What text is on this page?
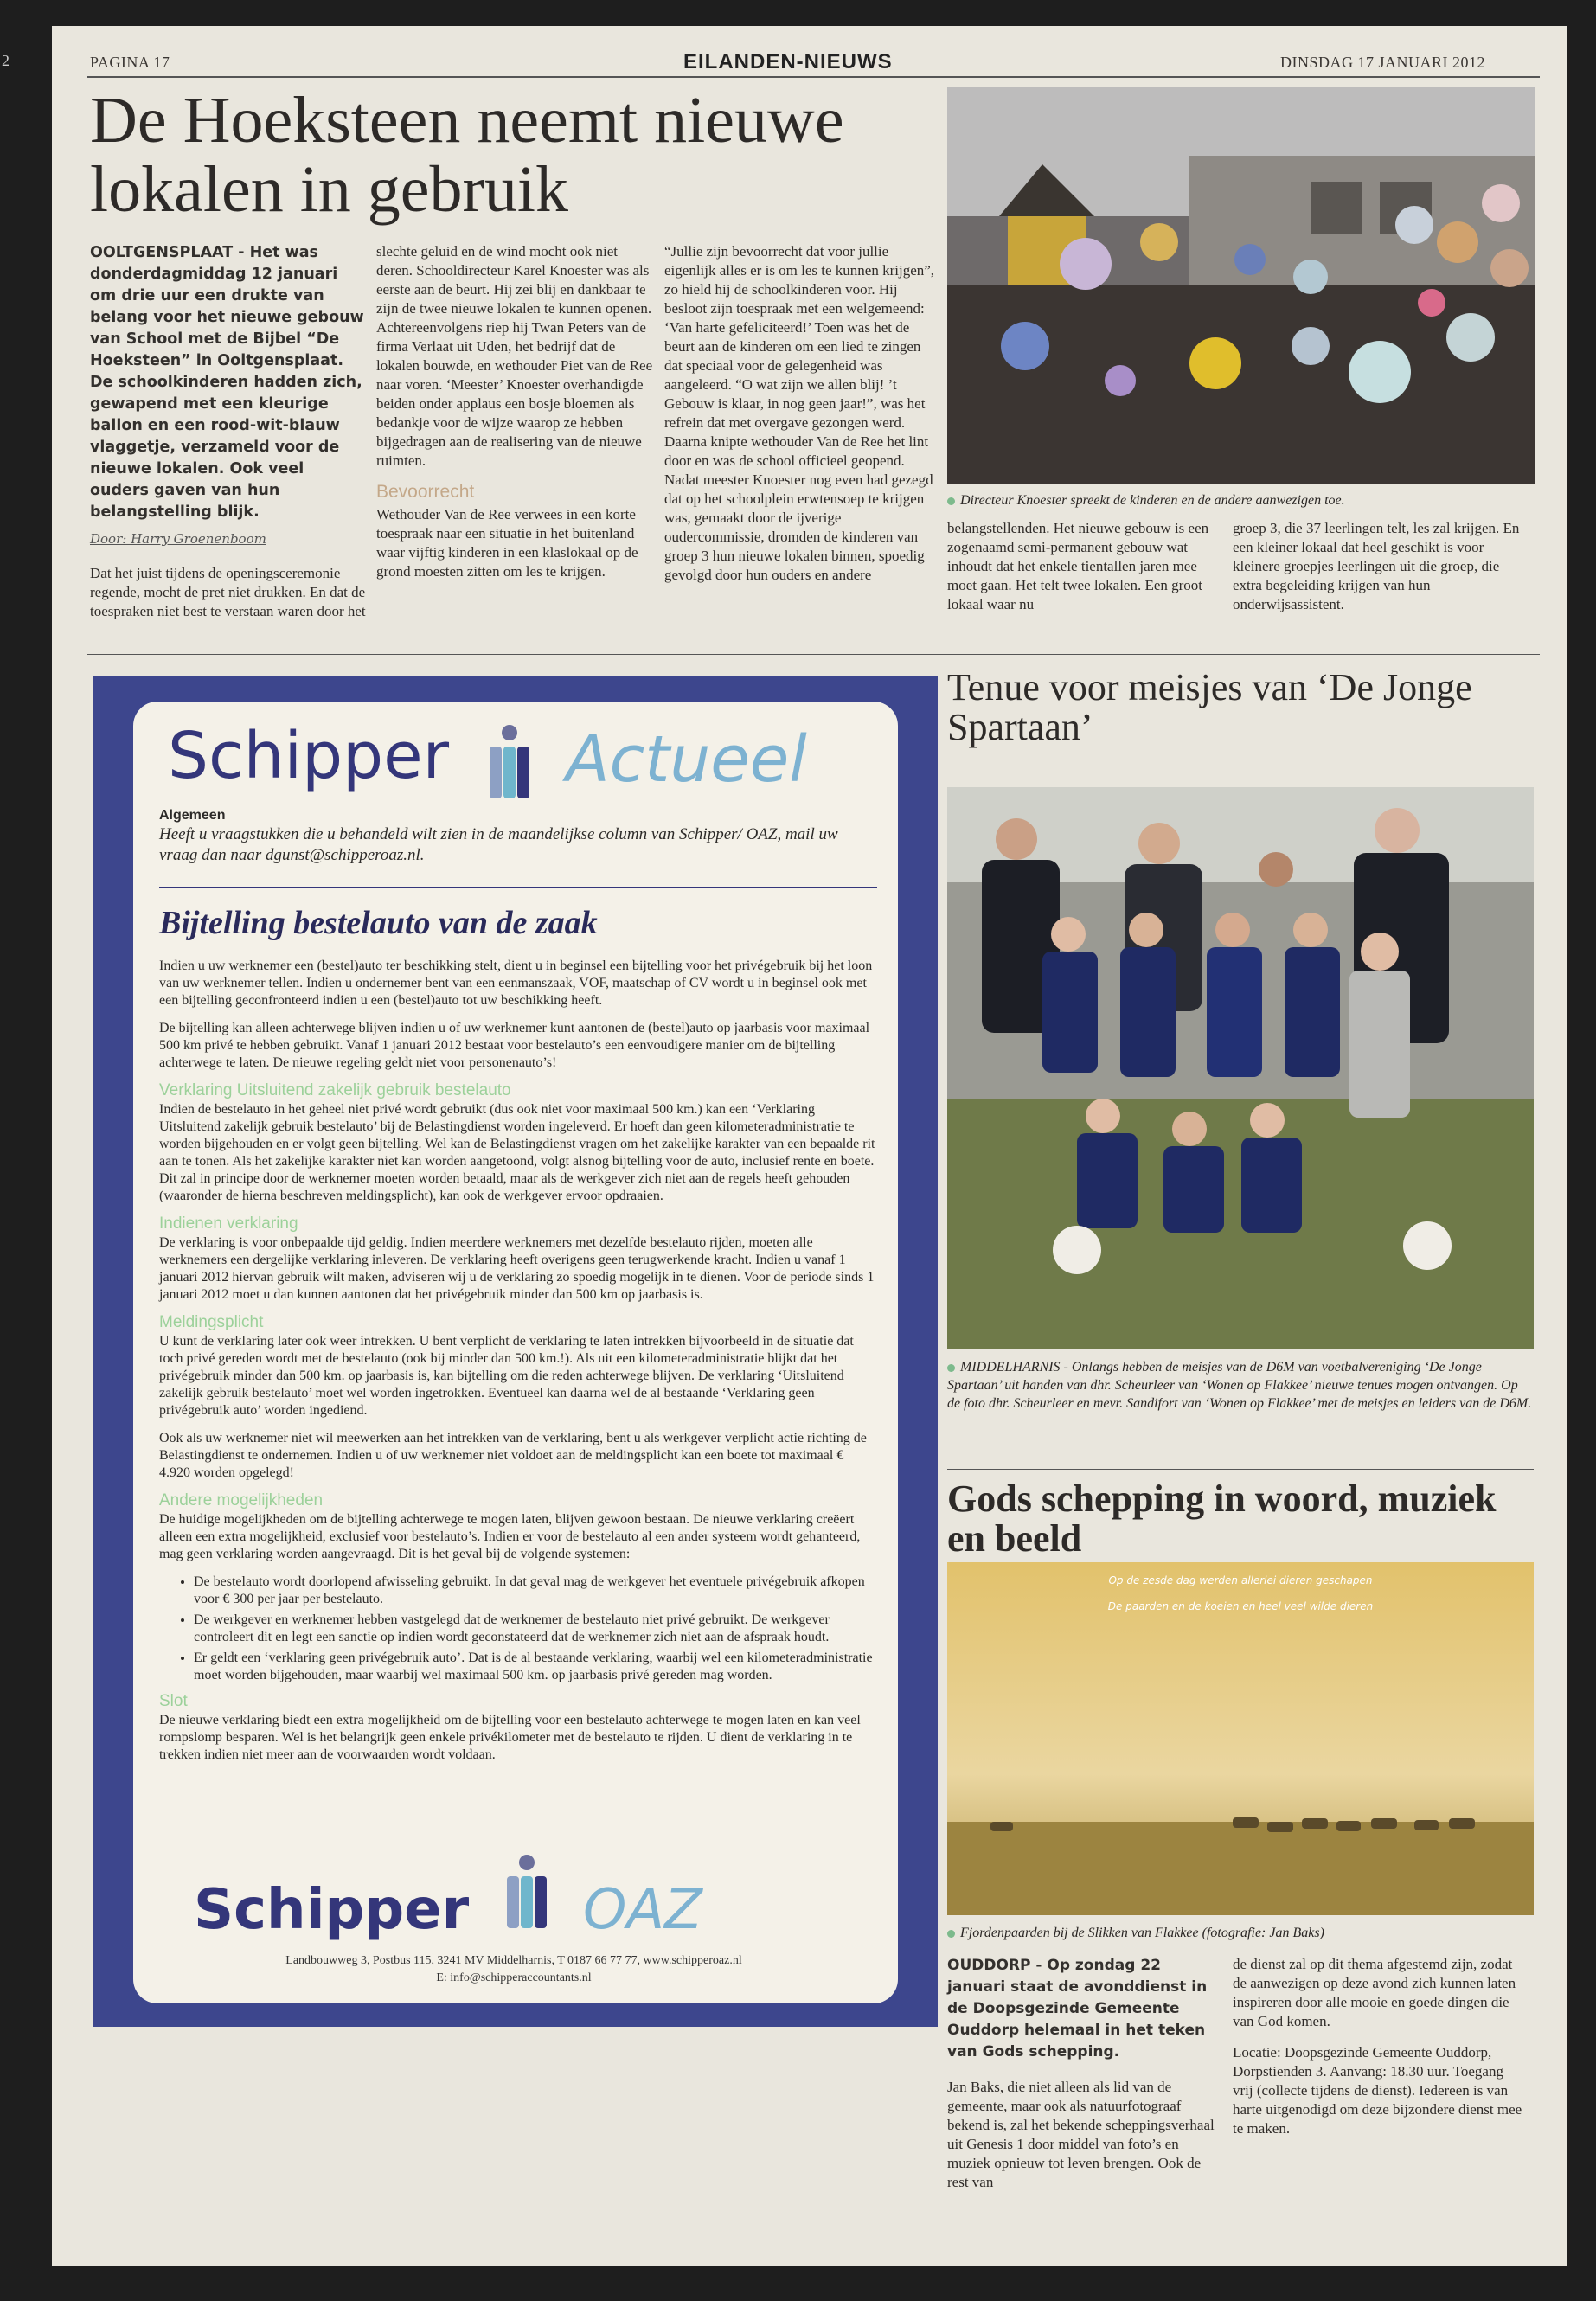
PAGINA 17	EILANDEN-NIEUWS	DINSDAG 17 JANUARI 2012
De Hoeksteen neemt nieuwe lokalen in gebruik
OOLTGENSPLAAT - Het was donderdagmiddag 12 januari om drie uur een drukte van belang voor het nieuwe gebouw van School met de Bijbel “De Hoeksteen” in Ooltgensplaat. De schoolkinderen hadden zich, gewapend met een kleurige ballon en een rood-wit-blauw vlaggetje, verzameld voor de nieuwe lokalen. Ook veel ouders gaven van hun belangstelling blijk.
Door: Harry Groenenboom
Dat het juist tijdens de openingsceremonie regende, mocht de pret niet drukken. En dat de toespraken niet best te verstaan waren door het

slechte geluid en de wind mocht ook niet deren. Schooldirecteur Karel Knoester was als eerste aan de beurt. Hij zei blij en dankbaar te zijn de twee nieuwe lokalen te kunnen openen. Achtereenvolgens riep hij Twan Peters van de firma Verlaat uit Uden, het bedrijf dat de lokalen bouwde, en wethouder Piet van de Ree naar voren. ‘Meester’ Knoester overhandigde beiden onder applaus een bosje bloemen als bedankje voor de wijze waarop ze hebben bijgedragen aan de realisering van de nieuwe ruimten.

Bevoorrecht

Wethouder Van de Ree verwees in een korte toespraak naar een situatie in het buitenland waar vijftig kinderen in een klaslokaal op de grond moesten zitten om les te krijgen.

“Jullie zijn bevoorrecht dat voor jullie eigenlijk alles er is om les te kunnen krijgen”, zo hield hij de schoolkinderen voor. Hij besloot zijn toespraak met een welgemeend: ‘Van harte gefeliciteerd!’ Toen was het de beurt aan de kinderen om een lied te zingen dat speciaal voor de gelegenheid was aangeleerd. “O wat zijn we allen blij! ’t Gebouw is klaar, in nog geen jaar!”, was het refrein dat met overgave gezongen werd. Daarna knipte wethouder Van de Ree het lint door en was de school officieel geopend. Nadat meester Knoester nog even had gezegd dat op het schoolplein erwtensoep te krijgen was, gemaakt door de ijverige oudercommissie, dromden de kinderen van groep 3 hun nieuwe lokalen binnen, spoedig gevolgd door hun ouders en andere
Directeur Knoester spreekt de kinderen en de andere aanwezigen toe.
belangstellenden. Het nieuwe gebouw is een zogenaamd semi-permanent gebouw wat inhoudt dat het enkele tientallen jaren mee moet gaan. Het telt twee lokalen. Een groot lokaal waar nu
groep 3, die 37 leerlingen telt, les zal krijgen. En een kleiner lokaal dat heel geschikt is voor kleinere groepjes leerlingen uit die groep, die extra begeleiding krijgen van hun onderwijsassistent.
Schipper Actueel
Algemeen
Heeft u vraagstukken die u behandeld wilt zien in de maandelijkse column van Schipper/ OAZ, mail uw vraag dan naar dgunst@schipperoaz.nl.
Bijtelling bestelauto van de zaak

Indien u uw werknemer een (bestel)auto ter beschikking stelt, dient u in beginsel een bijtelling voor het privégebruik bij het loon van uw werknemer tellen. Indien u ondernemer bent van een eenmanszaak, VOF, maatschap of CV wordt u in beginsel ook met een bijtelling geconfronteerd indien u een (bestel)auto tot uw beschikking heeft.

De bijtelling kan alleen achterwege blijven indien u of uw werknemer kunt aantonen de (bestel)auto op jaarbasis voor maximaal 500 km privé te hebben gebruikt. Vanaf 1 januari 2012 bestaat voor bestelauto’s een eenvoudigere manier om de bijtelling achterwege te laten. De nieuwe regeling geldt niet voor personenauto’s!

Verklaring Uitsluitend zakelijk gebruik bestelauto

Indien de bestelauto in het geheel niet privé wordt gebruikt (dus ook niet voor maximaal 500 km.) kan een ‘Verklaring Uitsluitend zakelijk gebruik bestelauto’ bij de Belastingdienst worden ingeleverd. Er hoeft dan geen kilometeradministratie te worden bijgehouden en er volgt geen bijtelling. Wel kan de Belastingdienst vragen om het zakelijke karakter van een bepaalde rit aan te tonen. Als het zakelijke karakter niet kan worden aangetoond, volgt alsnog bijtelling voor de auto, inclusief rente en boete. Dit zal in principe door de werknemer moeten worden betaald, maar als de werkgever zich niet aan de regels heeft gehouden (waaronder de hierna beschreven meldingsplicht), kan ook de werkgever ervoor opdraaien.

Indienen verklaring

De verklaring is voor onbepaalde tijd geldig. Indien meerdere werknemers met dezelfde bestelauto rijden, moeten alle werknemers een dergelijke verklaring inleveren. De verklaring heeft overigens geen terugwerkende kracht. Indien u vanaf 1 januari 2012 hiervan gebruik wilt maken, adviseren wij u de verklaring zo spoedig mogelijk in te dienen. Voor de periode sinds 1 januari 2012 moet u dan kunnen aantonen dat het privégebruik minder dan 500 km op jaarbasis is.

Meldingsplicht

U kunt de verklaring later ook weer intrekken. U bent verplicht de verklaring te laten intrekken bijvoorbeeld in de situatie dat toch privé gereden wordt met de bestelauto (ook bij minder dan 500 km.!). Als uit een kilometeradministratie blijkt dat het privégebruik minder dan 500 km. op jaarbasis is, kan bijtelling om die reden achterwege blijven. De verklaring ‘Uitsluitend zakelijk gebruik bestelauto’ moet wel worden ingetrokken. Eventueel kan daarna wel de al bestaande ‘Verklaring geen privégebruik auto’ worden ingediend.

Ook als uw werknemer niet wil meewerken aan het intrekken van de verklaring, bent u als werkgever verplicht actie richting de Belastingdienst te ondernemen. Indien u of uw werknemer niet voldoet aan de meldingsplicht kan een boete tot maximaal € 4.920 worden opgelegd!

Andere mogelijkheden

De huidige mogelijkheden om de bijtelling achterwege te mogen laten, blijven gewoon bestaan. De nieuwe verklaring creëert alleen een extra mogelijkheid, exclusief voor bestelauto’s. Indien er voor de bestelauto al een ander systeem wordt gehanteerd, mag geen verklaring worden aangevraagd. Dit is het geval bij de volgende systemen:

• De bestelauto wordt doorlopend afwisseling gebruikt. In dat geval mag de werkgever het eventuele privégebruik afkopen voor € 300 per jaar per bestelauto.
• De werkgever en werknemer hebben vastgelegd dat de werknemer de bestelauto niet privé gebruikt. De werkgever controleert dit en legt een sanctie op indien wordt geconstateerd dat de werknemer zich niet aan de afspraak houdt.
• Er geldt een ‘verklaring geen privégebruik auto’. Dat is de al bestaande verklaring, waarbij wel een kilometeradministratie moet worden bijgehouden, maar waarbij wel maximaal 500 km. op jaarbasis privé gereden mag worden.
Slot

De nieuwe verklaring biedt een extra mogelijkheid om de bijtelling voor een bestelauto achterwege te mogen laten en kan veel rompslomp besparen. Wel is het belangrijk geen enkele privékilometer met de bestelauto te rijden. U dient de verklaring in te trekken indien niet meer aan de voorwaarden wordt voldaan.

Schipper OAZ
Landbouwweg 3, Postbus 115, 3241 MV Middelharnis, T 0187 66 77 77, www.schipperoaz.nl
E: info@schipperaccountants.nl
Tenue voor meisjes van ‘De Jonge Spartaan’
MIDDELHARNIS - Onlangs hebben de meisjes van de D6M van voetbalvereniging ‘De Jonge Spartaan’ uit handen van dhr. Scheurleer van ‘Wonen op Flakkee’ nieuwe tenues mogen ontvangen. Op de foto dhr. Scheurleer en mevr. Sandifort van ‘Wonen op Flakkee’ met de meisjes en leiders van de D6M.
Gods schepping in woord, muziek en beeld
Op de zesde dag werden allerlei dieren geschapen
De paarden en de koeien en heel veel wilde dieren
Fjordenpaarden bij de Slikken van Flakkee (fotografie: Jan Baks)
OUDDORP - Op zondag 22 januari staat de avonddienst in de Doopsgezinde Gemeente Ouddorp helemaal in het teken van Gods schepping.
Jan Baks, die niet alleen als lid van de gemeente, maar ook als natuurfotograaf bekend is, zal het bekende scheppingsverhaal uit Genesis 1 door middel van foto’s en muziek opnieuw tot leven brengen. Ook de rest van

de dienst zal op dit thema afgestemd zijn, zodat de aanwezigen op deze avond zich kunnen laten inspireren door alle mooie en goede dingen die van God komen.

Locatie: Doopsgezinde Gemeente Ouddorp, Dorpstienden 3. Aanvang: 18.30 uur. Toegang vrij (collecte tijdens de dienst). Iedereen is van harte uitgenodigd om deze bijzondere dienst mee te maken.

2
